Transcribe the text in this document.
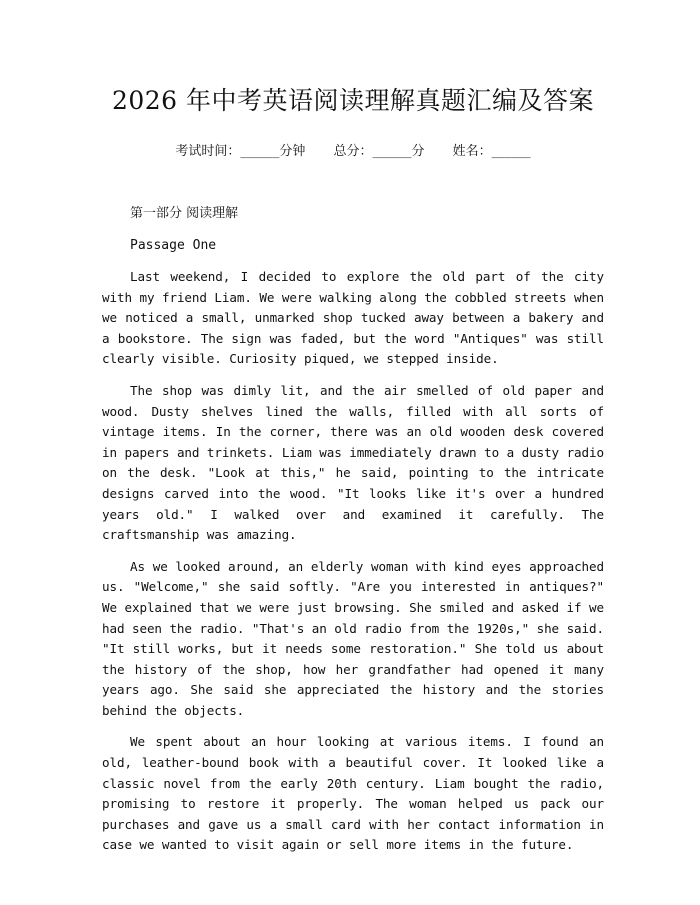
2026 年中考英语阅读理解真题汇编及答案
考试时间：______分钟 总分：______分 姓名：______
第一部分 阅读理解
Passage One

Last weekend, I decided to explore the old part of the city with my friend Liam. We were walking along the cobbled streets when we noticed a small, unmarked shop tucked away between a bakery and a bookstore. The sign was faded, but the word "Antiques" was still clearly visible. Curiosity piqued, we stepped inside.

The shop was dimly lit, and the air smelled of old paper and wood. Dusty shelves lined the walls, filled with all sorts of vintage items. In the corner, there was an old wooden desk covered in papers and trinkets. Liam was immediately drawn to a dusty radio on the desk. "Look at this," he said, pointing to the intricate designs carved into the wood. "It looks like it's over a hundred years old." I walked over and examined it carefully. The craftsmanship was amazing.

As we looked around, an elderly woman with kind eyes approached us. "Welcome," she said softly. "Are you interested in antiques?" We explained that we were just browsing. She smiled and asked if we had seen the radio. "That's an old radio from the 1920s," she said. "It still works, but it needs some restoration." She told us about the history of the shop, how her grandfather had opened it many years ago. She said she appreciated the history and the stories behind the objects.

We spent about an hour looking at various items. I found an old, leather-bound book with a beautiful cover. It looked like a classic novel from the early 20th century. Liam bought the radio, promising to restore it properly. The woman helped us pack our purchases and gave us a small card with her contact information in case we wanted to visit again or sell more items in the future.
